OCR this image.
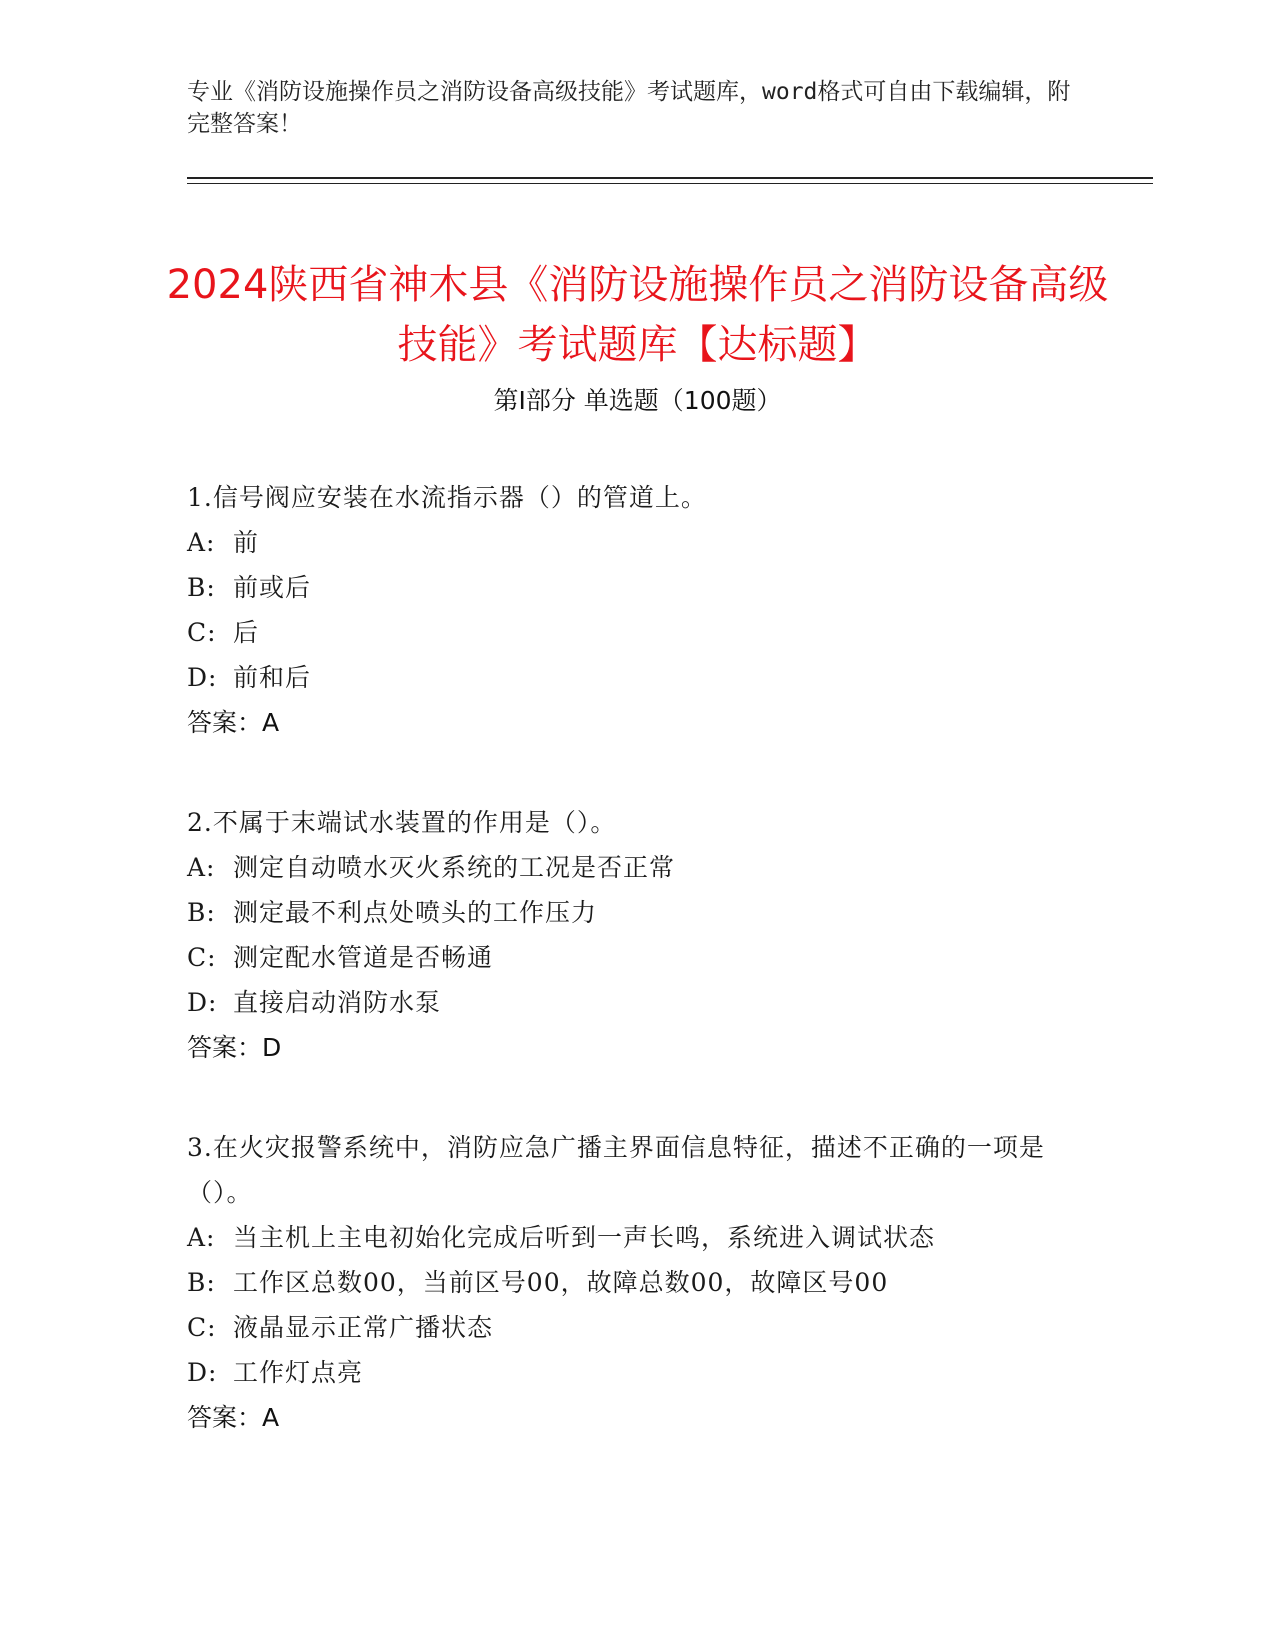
专业《消防设施操作员之消防设备高级技能》考试题库，word格式可自由下载编辑，附完整答案！
2024陕西省神木县《消防设施操作员之消防设备高级技能》考试题库【达标题】
第Ⅰ部分 单选题（100题）
1.信号阀应安装在水流指示器（）的管道上。
A: 前
B: 前或后
C: 后
D: 前和后
答案：A
2.不属于末端试水装置的作用是（）。
A: 测定自动喷水灭火系统的工况是否正常
B: 测定最不利点处喷头的工作压力
C: 测定配水管道是否畅通
D: 直接启动消防水泵
答案：D
3.在火灾报警系统中，消防应急广播主界面信息特征，描述不正确的一项是（）。
A: 当主机上主电初始化完成后听到一声长鸣，系统进入调试状态
B: 工作区总数00，当前区号00，故障总数00，故障区号00
C: 液晶显示正常广播状态
D: 工作灯点亮
答案：A
